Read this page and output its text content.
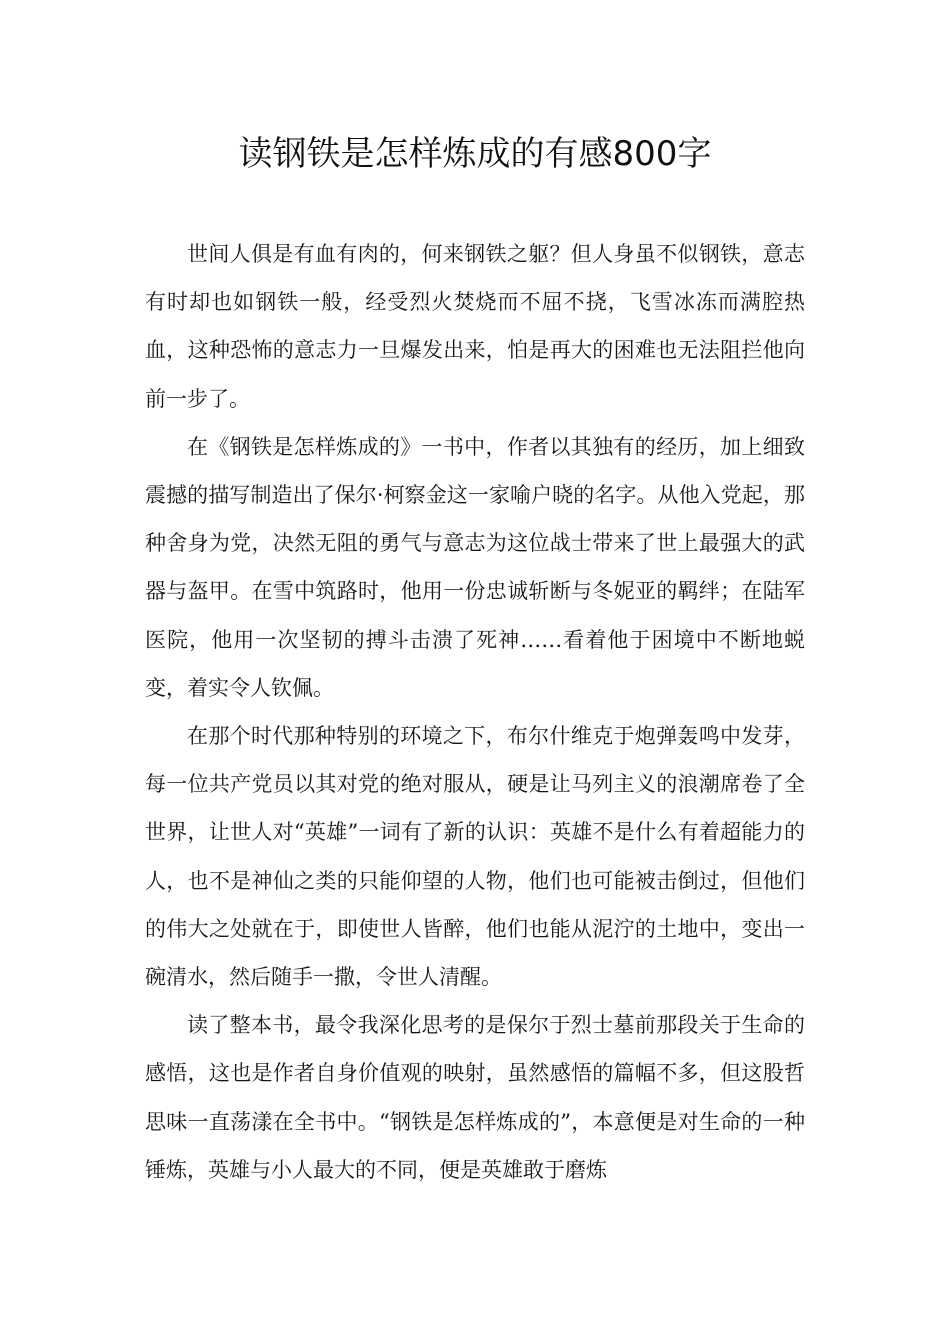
读钢铁是怎样炼成的有感800字

世间人俱是有血有肉的，何来钢铁之躯？但人身虽不似钢铁，意志有时却也如钢铁一般，经受烈火焚烧而不屈不挠，飞雪冰冻而满腔热血，这种恐怖的意志力一旦爆发出来，怕是再大的困难也无法阻拦他向前一步了。

在《钢铁是怎样炼成的》一书中，作者以其独有的经历，加上细致震撼的描写制造出了保尔·柯察金这一家喻户晓的名字。从他入党起，那种舍身为党，决然无阻的勇气与意志为这位战士带来了世上最强大的武器与盔甲。在雪中筑路时，他用一份忠诚斩断与冬妮亚的羁绊；在陆军医院，他用一次坚韧的搏斗击溃了死神……看着他于困境中不断地蜕变，着实令人钦佩。

在那个时代那种特别的环境之下，布尔什维克于炮弹轰鸣中发芽，每一位共产党员以其对党的绝对服从，硬是让马列主义的浪潮席卷了全世界，让世人对“英雄”一词有了新的认识：英雄不是什么有着超能力的人，也不是神仙之类的只能仰望的人物，他们也可能被击倒过，但他们的伟大之处就在于，即使世人皆醉，他们也能从泥泞的土地中，变出一碗清水，然后随手一撒，令世人清醒。

读了整本书，最令我深化思考的是保尔于烈士墓前那段关于生命的感悟，这也是作者自身价值观的映射，虽然感悟的篇幅不多，但这股哲思味一直荡漾在全书中。“钢铁是怎样炼成的”，本意便是对生命的一种锤炼，英雄与小人最大的不同，便是英雄敢于磨炼
